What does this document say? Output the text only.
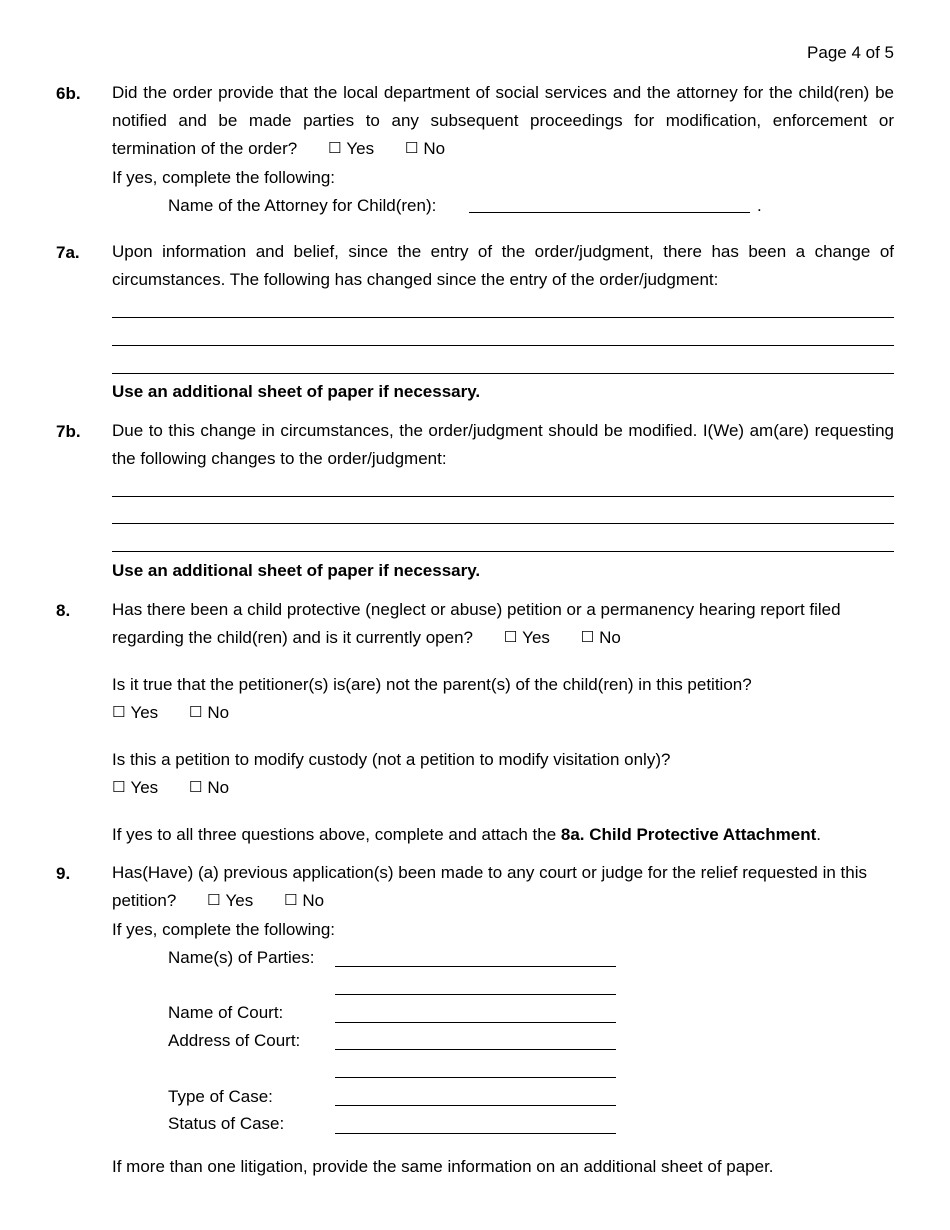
Page 4 of 5
6b. Did the order provide that the local department of social services and the attorney for the child(ren) be notified and be made parties to any subsequent proceedings for modification, enforcement or termination of the order? ☐ Yes ☐ No
If yes, complete the following:
Name of the Attorney for Child(ren):	.
7a. Upon information and belief, since the entry of the order/judgment, there has been a change of circumstances. The following has changed since the entry of the order/judgment:
Use an additional sheet of paper if necessary.
7b. Due to this change in circumstances, the order/judgment should be modified. I(We) am(are) requesting the following changes to the order/judgment:
Use an additional sheet of paper if necessary.
8. Has there been a child protective (neglect or abuse) petition or a permanency hearing report filed regarding the child(ren) and is it currently open? ☐ Yes ☐ No
Is it true that the petitioner(s) is(are) not the parent(s) of the child(ren) in this petition?
☐ Yes ☐ No
Is this a petition to modify custody (not a petition to modify visitation only)?
☐ Yes ☐ No
If yes to all three questions above, complete and attach the 8a. Child Protective Attachment.
9. Has(Have) (a) previous application(s) been made to any court or judge for the relief requested in this petition? ☐ Yes ☐ No
If yes, complete the following:
Name(s) of Parties:
Name of Court:
Address of Court:
Type of Case:
Status of Case:
If more than one litigation, provide the same information on an additional sheet of paper.
